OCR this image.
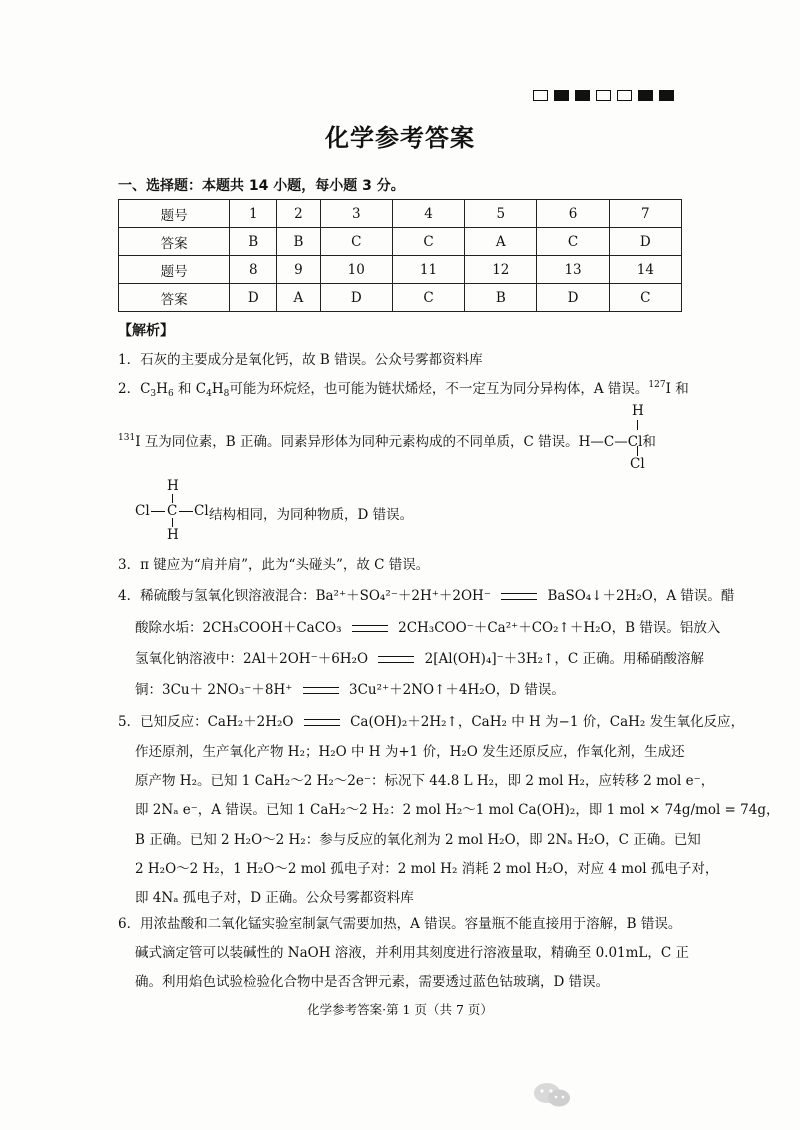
化学参考答案
一、选择题：本题共 14 小题，每小题 3 分。
题号	1	2	3	4	5	6	7
答案	B	B	C	C	A	C	D
题号	8	9	10	11	12	13	14
答案	D	A	D	C	B	D	C
【解析】
1．石灰的主要成分是氧化钙，故 B 错误。公众号雾都资料库
2．$C_3H_6$ 和 $C_4H_8$可能为环烷烃，也可能为链状烯烃，不一定互为同分异构体，A 错误。$^{127}$I 和
H
Cl
$^{131}$I 互为同位素，B 正确。同素异形体为同种元素构成的不同单质，C 错误。H—C—Cl和
H
H
Cl C Cl 结构相同，为同种物质，D 错误。
3．π 键应为“肩并肩”，此为“头碰头”，故 C 错误。
4．稀硫酸与氢氧化钡溶液混合：Ba²⁺＋SO₄²⁻＋2H⁺＋2OH⁻	BaSO₄↓＋2H₂O，A 错误。醋
酸除水垢：2CH₃COOH＋CaCO₃	2CH₃COO⁻＋Ca²⁺＋CO₂↑＋H₂O，B 错误。铝放入
氢氧化钠溶液中：2Al＋2OH⁻＋6H₂O	2[Al(OH)₄]⁻＋3H₂↑，C 正确。用稀硝酸溶解
铜：3Cu＋ 2NO₃⁻＋8H⁺	3Cu²⁺＋2NO↑＋4H₂O，D 错误。
5．已知反应：CaH₂＋2H₂O	Ca(OH)₂＋2H₂↑，CaH₂ 中 H 为−1 价，CaH₂ 发生氧化反应，
作还原剂，生产氧化产物 H₂；H₂O 中 H 为+1 价，H₂O 发生还原反应，作氧化剂，生成还
原产物 H₂。已知 1 CaH₂～2 H₂～2e⁻：标况下 44.8 L H₂，即 2 mol H₂，应转移 2 mol e⁻，
即 2Nₐ e⁻，A 错误。已知 1 CaH₂～2 H₂：2 mol H₂～1 mol Ca(OH)₂，即 1 mol × 74g/mol = 74g，
B 正确。已知 2 H₂O～2 H₂：参与反应的氧化剂为 2 mol H₂O，即 2Nₐ H₂O，C 正确。已知
2 H₂O～2 H₂，1 H₂O～2 mol 孤电子对：2 mol H₂ 消耗 2 mol H₂O，对应 4 mol 孤电子对，
即 4Nₐ 孤电子对，D 正确。公众号雾都资料库
6．用浓盐酸和二氧化锰实验室制氯气需要加热，A 错误。容量瓶不能直接用于溶解，B 错误。
碱式滴定管可以装碱性的 NaOH 溶液，并利用其刻度进行溶液量取，精确至 0.01mL，C 正
确。利用焰色试验检验化合物中是否含钾元素，需要透过蓝色钴玻璃，D 错误。
化学参考答案·第 1 页（共 7 页）
